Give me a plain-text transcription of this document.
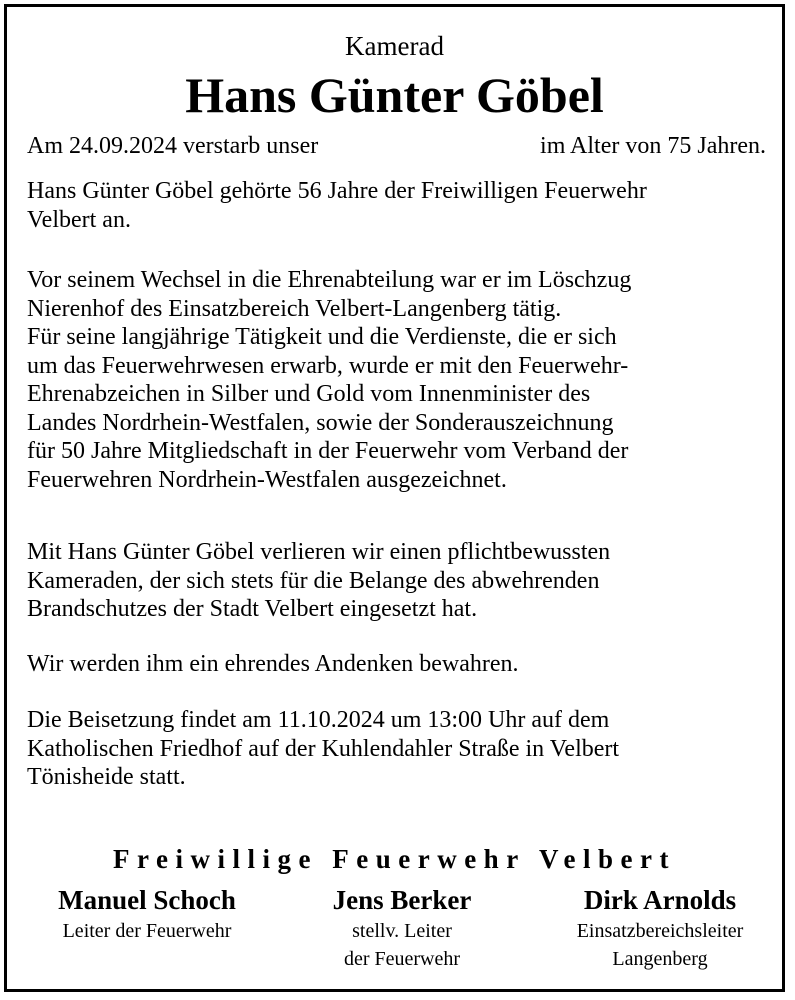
Kamerad
Hans Günter Göbel
Am 24.09.2024 verstarb unser	im Alter von 75 Jahren.

Hans Günter Göbel gehörte 56 Jahre der Freiwilligen Feuerwehr
Velbert an.

Vor seinem Wechsel in die Ehrenabteilung war er im Löschzug
Nierenhof des Einsatzbereich Velbert-Langenberg tätig.
Für seine langjährige Tätigkeit und die Verdienste, die er sich
um das Feuerwehrwesen erwarb, wurde er mit den Feuerwehr-
Ehrenabzeichen in Silber und Gold vom Innenminister des
Landes Nordrhein-Westfalen, sowie der Sonderauszeichnung
für 50 Jahre Mitgliedschaft in der Feuerwehr vom Verband der
Feuerwehren Nordrhein-Westfalen ausgezeichnet.

Mit Hans Günter Göbel verlieren wir einen pflichtbewussten
Kameraden, der sich stets für die Belange des abwehrenden
Brandschutzes der Stadt Velbert eingesetzt hat.

Wir werden ihm ein ehrendes Andenken bewahren.

Die Beisetzung findet am 11.10.2024 um 13:00 Uhr auf dem
Katholischen Friedhof auf der Kuhlendahler Straße in Velbert
Tönisheide statt.

Freiwillige Feuerwehr Velbert
Manuel Schoch
Leiter der Feuerwehr
Jens Berker
stellv. Leiter
der Feuerwehr
Dirk Arnolds
Einsatzbereichsleiter
Langenberg
